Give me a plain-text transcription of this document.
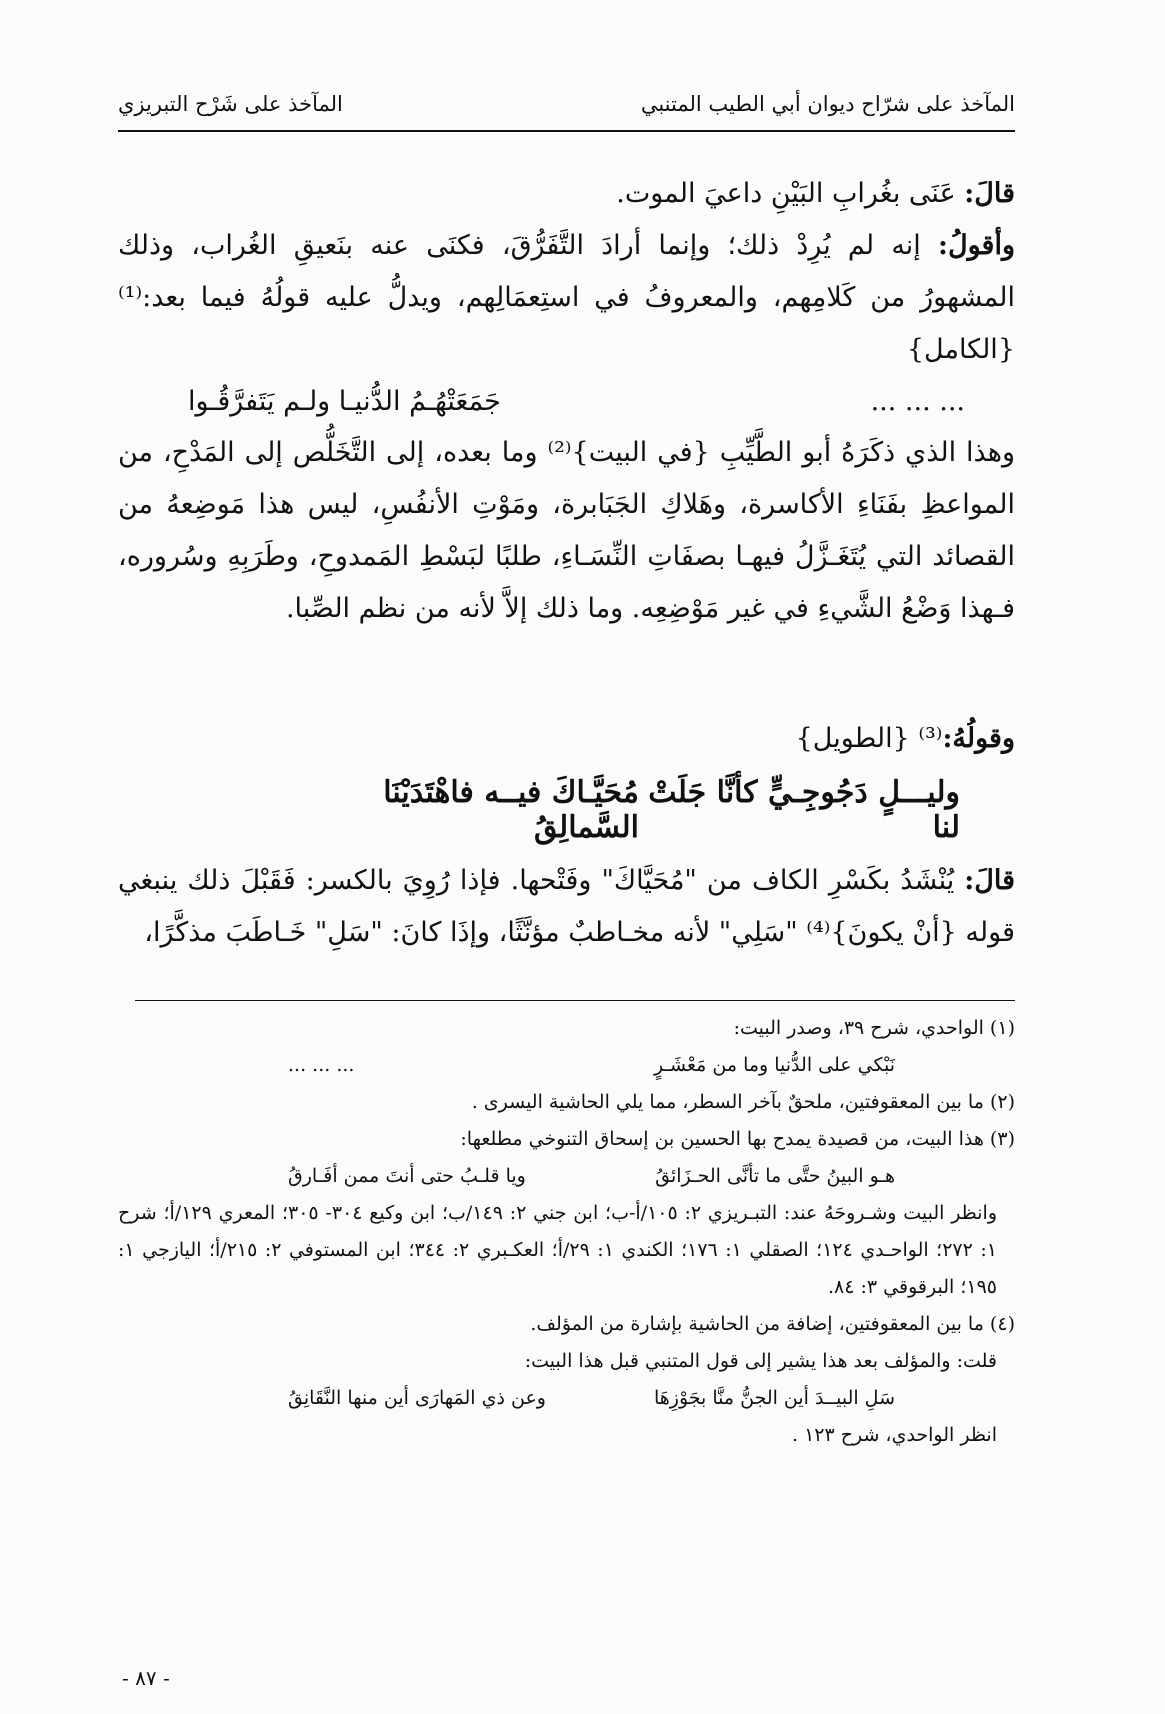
المآخذ على شرّاح ديوان أبي الطيب المتنبي
المآخذ على شَرْح التبريزي

قالَ: عَنَى بغُرابِ البَيْنِ داعيَ الموت.

وأقولُ: إنه لم يُرِدْ ذلك؛ وإنما أرادَ التَّفَرُّقَ، فكنَى عنه بنَعيقِ الغُراب، وذلك المشهورُ من كَلامِهم، والمعروفُ في استِعمَالِهم، ويدلُّ عليه قولُهُ فيما بعد:⁽¹⁾ {الكامل}

... ... ...
جَمَعَتْهُـمُ الدُّنيـا ولـم يَتَفرَّقُـوا

وهذا الذي ذكَرَهُ أبو الطَّيِّبِ {في البيت}⁽²⁾ وما بعده، إلى التَّخَلُّص إلى المَدْحِ، من المواعظِ بفَنَاءِ الأكاسرة، وهَلاكِ الجَبَابرة، ومَوْتِ الأنفُسِ، ليس هذا مَوضِعهُ من القصائد التي يُتَغَـزَّلُ فيهـا بصفَاتِ النِّسَـاءِ، طلبًا لبَسْطِ المَمدوحِ، وطَرَبِهِ وسُروره، فـهذا وَضْعُ الشَّيءِ في غير مَوْضِعِه. وما ذلك إلاَّ لأنه من نظم الصِّبا.

وقولُهُ:⁽³⁾ {الطويل}

وليـــلٍ دَجُوجِـيٍّ كأنَّا جَلَتْ لنا
مُحَيَّـاكَ فيــه فاهْتَدَيْنَا السَّمالِقُ

قالَ: يُنْشَدُ بكَسْرِ الكاف من "مُحَيَّاكَ" وفَتْحها. فإذا رُوِيَ بالكسر: فَقَبْلَ ذلك ينبغي قوله {أنْ يكونَ}⁽⁴⁾ "سَلِي" لأنه مخـاطبٌ مؤنَّثًا، وإذَا كانَ: "سَلِ" خَـاطَبَ مذكَّرًا،

(١) الواحدي، شرح ٣٩، وصدر البيت:

نَبْكي على الدُّنيا وما من مَعْشَـرٍ
... ... ...

(٢) ما بين المعقوفتين، ملحقٌ بآخر السطر، مما يلي الحاشية اليسرى .

(٣) هذا البيت، من قصيدة يمدح بها الحسين بن إسحاق التنوخي مطلعها:

هـو البينُ حتَّى ما تأنَّى الحـزَائقُ
ويا قلـبُ حتى أنتَ ممن أفَـارقُ

وانظر البيت وشـروحَهُ عند: التبـريزي ٢: ١٠٥/أ-ب؛ ابن جني ٢: ١٤٩/ب؛ ابن وكيع ٣٠٤- ٣٠٥؛ المعري ١٢٩/أ؛ شرح ١: ٢٧٢؛ الواحـدي ١٢٤؛ الصقلي ١: ١٧٦؛ الكندي ١: ٢٩/أ؛ العكـبري ٢: ٣٤٤؛ ابن المستوفي ٢: ٢١٥/أ؛ اليازجي ١: ١٩٥؛ البرقوقي ٣: ٨٤.

(٤) ما بين المعقوفتين، إضافة من الحاشية بإشارة من المؤلف.

قلت: والمؤلف بعد هذا يشير إلى قول المتنبي قبل هذا البيت:

سَلِ البيــدَ أين الجنُّ منَّا بجَوْزِهَا
وعن ذي المَهارَى أين منها النَّقَانِقُ

انظر الواحدي، شرح ١٢٣ .

- ٨٧ -
